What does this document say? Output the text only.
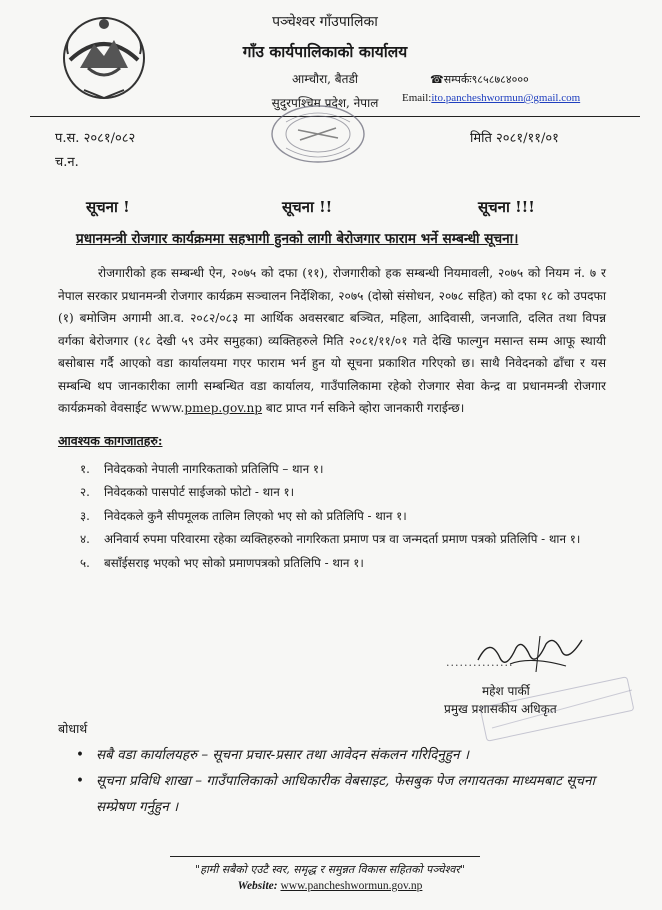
पञ्चेश्वर गाँउपालिका
गाँउ कार्यपालिकाको कार्यालय
आम्चौरा, बैतडी
सुदुरपश्चिम प्रदेश, नेपाल
☎सम्पर्कः९८५८७८४०००
Email:ito.pancheshwormun@gmail.com
प.स. २०८१/०८२
च.न.
मिति २०८१/११/०१
सूचना !	सूचना !!	सूचना !!!
प्रधानमन्त्री रोजगार कार्यक्रममा सहभागी हुनको लागी बेरोजगार फाराम भर्ने सम्बन्धी सूचना।

रोजगारीको हक सम्बन्धी ऐन, २०७५ को दफा (११), रोजगारीको हक सम्बन्धी नियमावली, २०७५ को नियम नं. ७ र नेपाल सरकार प्रधानमन्त्री रोजगार कार्यक्रम सञ्चालन निर्देशिका, २०७५ (दोस्रो संसोधन, २०७८ सहित) को दफा १८ को उपदफा (१) बमोजिम अगामी आ.व. २०८२/०८३ मा आर्थिक अवसरबाट बञ्चित, महिला, आदिवासी, जनजाति, दलित तथा विपन्न वर्गका बेरोजगार (१८ देखी ५९ उमेर समुहका) व्यक्तिहरुले मिति २०८१/११/०१ गते देखि फाल्गुन मसान्त सम्म आफू स्थायी बसोबास गर्दै आएको वडा कार्यालयमा गएर फाराम भर्न हुन यो सूचना प्रकाशित गरिएको छ। साथै निवेदनको ढाँचा र यस सम्बन्धि थप जानकारीका लागी सम्बन्धित वडा कार्यालय, गाउँपालिकामा रहेको रोजगार सेवा केन्द्र वा प्रधानमन्त्री रोजगार कार्यक्रमको वेवसाईट www.pmep.gov.np बाट प्राप्त गर्न सकिने व्होरा जानकारी गराईन्छ।

आवश्यक कागजातहरु:
१. निवेदकको नेपाली नागरिकताको प्रतिलिपि – थान १।
२. निवेदकको पासपोर्ट साईजको फोटो - थान १।
३. निवेदकले कुनै सीपमूलक तालिम लिएको भए सो को प्रतिलिपि - थान १।
४. अनिवार्य रुपमा परिवारमा रहेका व्यक्तिहरुको नागरिकता प्रमाण पत्र वा जन्मदर्ता प्रमाण पत्रको प्रतिलिपि - थान १।
५. बसाँईसराइ भएको भए सोको प्रमाणपत्रको प्रतिलिपि - थान १।
...............
महेश पार्की
प्रमुख प्रशासकीय अधिकृत
बोधार्थ
• सबै वडा कार्यालयहरु – सूचना प्रचार-प्रसार तथा आवेदन संकलन गरिदिनुहुन ।
• सूचना प्रविधि शाखा – गाउँपालिकाको आधिकारीक वेबसाइट, फेसबुक पेज लगायतका माध्यमबाट सूचना सम्प्रेषण गर्नुहुन ।
"हामी सबैको एउटै स्वर, समृद्ध र समुन्नत विकास सहितको पञ्चेश्वर"
Website: www.pancheshwormun.gov.np
